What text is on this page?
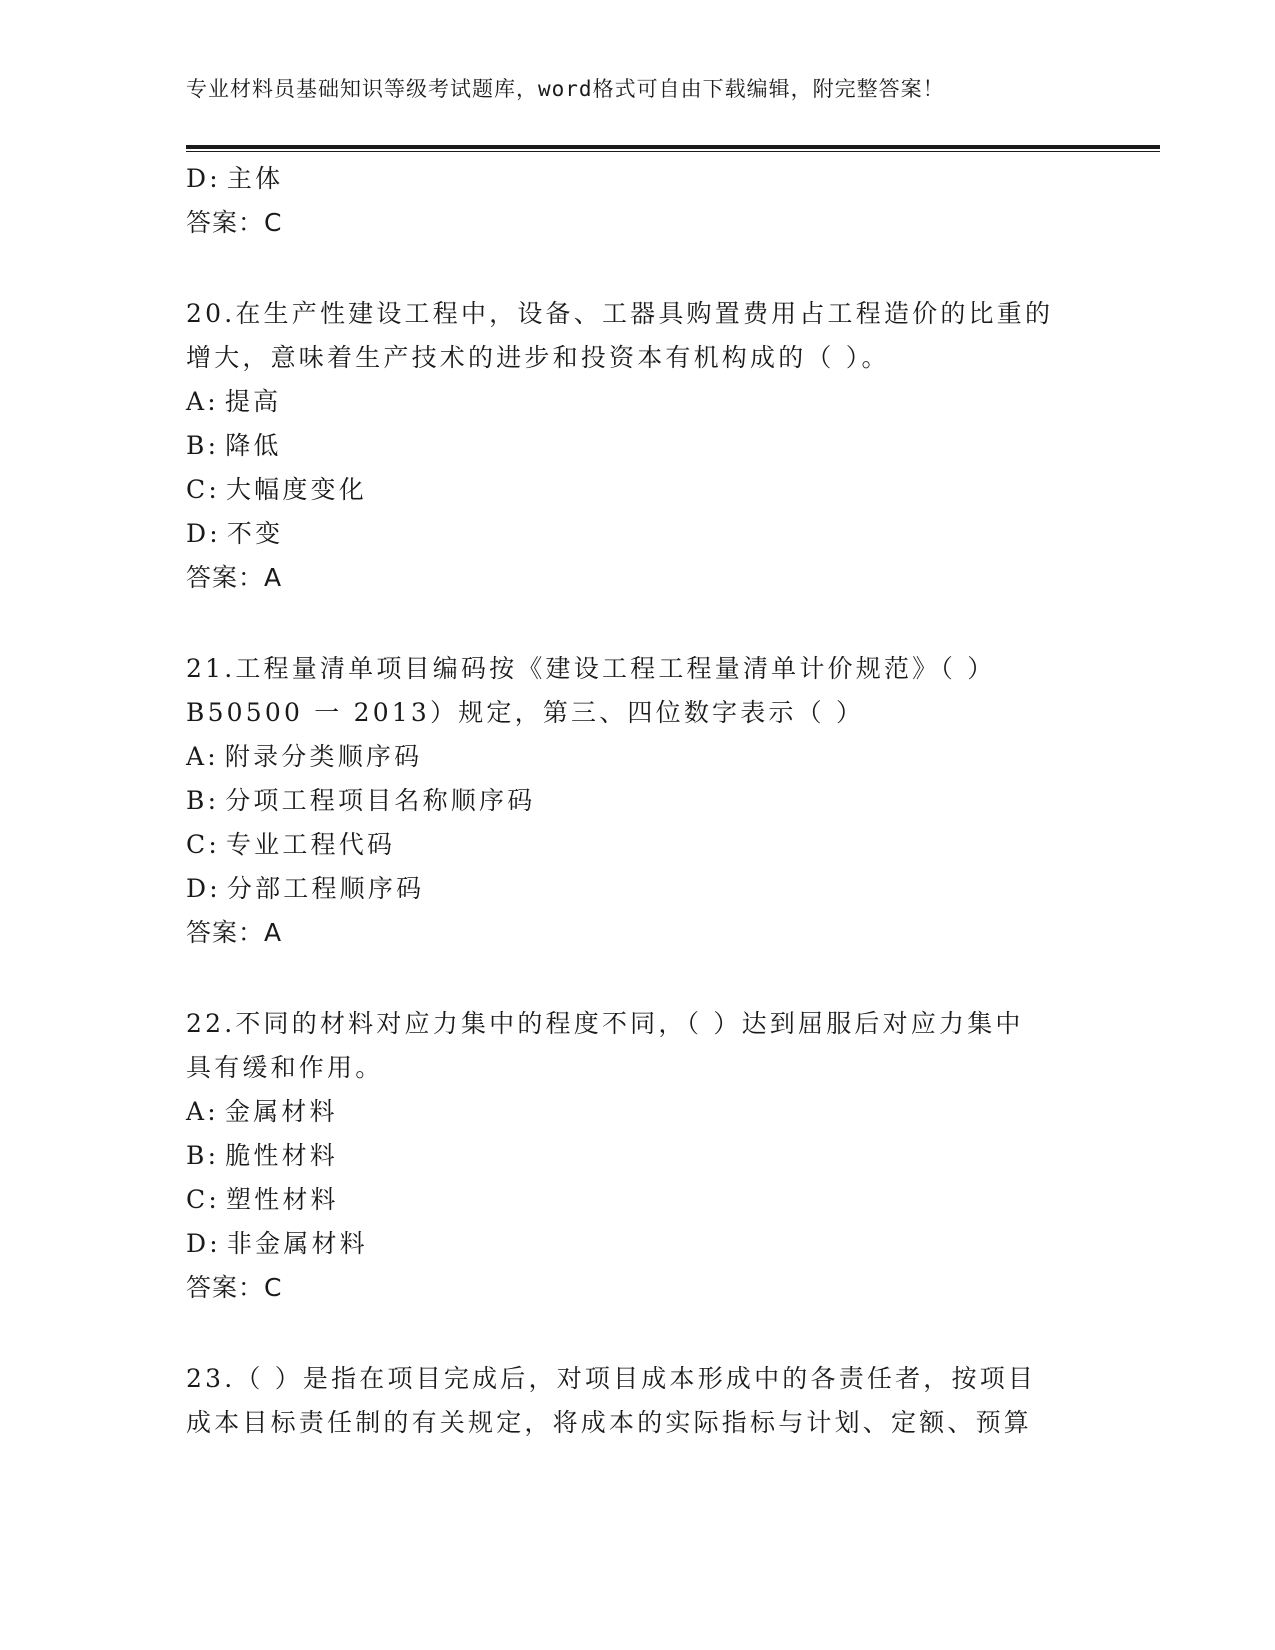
专业材料员基础知识等级考试题库，word格式可自由下载编辑，附完整答案！
D: 主体
答案：C
20.在生产性建设工程中，设备、工器具购置费用占工程造价的比重的
增大，意味着生产技术的进步和投资本有机构成的（ ）。
A: 提高
B: 降低
C: 大幅度变化
D: 不变
答案：A
21.工程量清单项目编码按《建设工程工程量清单计价规范》（ ）
B50500 一 2013）规定，第三、四位数字表示（ ）
A: 附录分类顺序码
B: 分项工程项目名称顺序码
C: 专业工程代码
D: 分部工程顺序码
答案：A
22.不同的材料对应力集中的程度不同，（ ）达到屈服后对应力集中
具有缓和作用。
A: 金属材料
B: 脆性材料
C: 塑性材料
D: 非金属材料
答案：C
23.（ ）是指在项目完成后，对项目成本形成中的各责任者，按项目
成本目标责任制的有关规定，将成本的实际指标与计划、定额、预算
